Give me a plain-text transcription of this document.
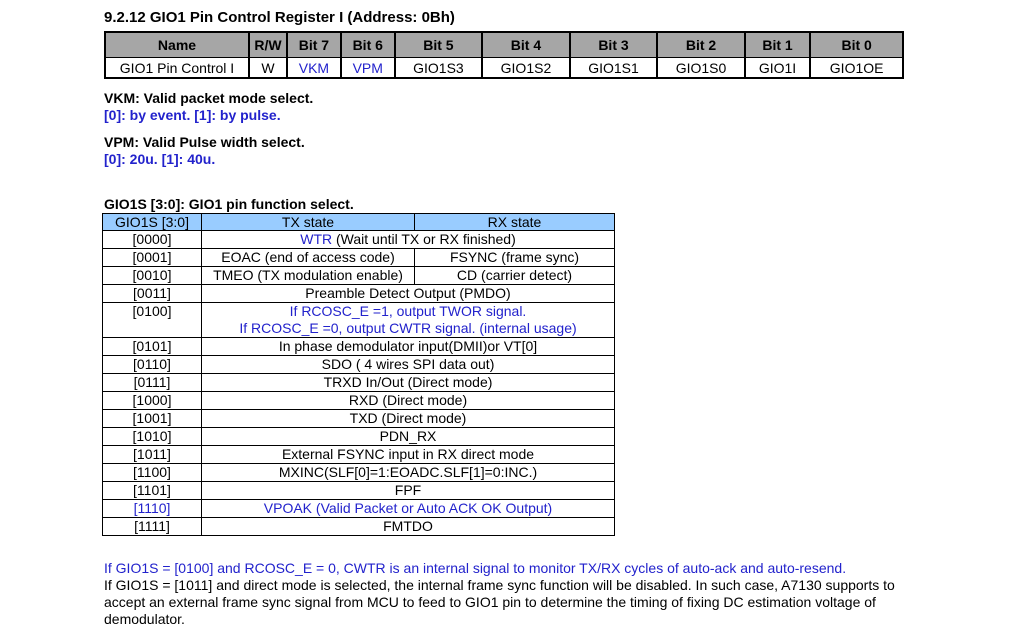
9.2.12 GIO1 Pin Control Register I (Address: 0Bh)
Name	R/W	Bit 7	Bit 6	Bit 5	Bit 4	Bit 3	Bit 2	Bit 1	Bit 0
GIO1 Pin Control I	W	VKM	VPM	GIO1S3	GIO1S2	GIO1S1	GIO1S0	GIO1I	GIO1OE

VKM: Valid packet mode select.
[0]: by event. [1]: by pulse.

VPM: Valid Pulse width select.
[0]: 20u. [1]: 40u.

GIO1S [3:0]: GIO1 pin function select.

GIO1S [3:0]	TX state	RX state
[0000]	WTR (Wait until TX or RX finished)	
[0001]	EOAC (end of access code)	FSYNC (frame sync)
[0010]	TMEO (TX modulation enable)	CD (carrier detect)
[0011]	Preamble Detect Output (PMDO)	
[0100]	If RCOSC_E =1, output TWOR signal.
If RCOSC_E =0, output CWTR signal. (internal usage)	
[0101]	In phase demodulator input(DMII)or VT[0]	
[0110]	SDO ( 4 wires SPI data out)	
[0111]	TRXD In/Out (Direct mode)	
[1000]	RXD (Direct mode)	
[1001]	TXD (Direct mode)	
[1010]	PDN_RX	
[1011]	External FSYNC input in RX direct mode	
[1100]	MXINC(SLF[0]=1:EOADC.SLF[1]=0:INC.)	
[1101]	FPF	
[1110]	VPOAK (Valid Packet or Auto ACK OK Output)	
[1111]	FMTDO	

If GIO1S = [0100] and RCOSC_E = 0, CWTR is an internal signal to monitor TX/RX cycles of auto-ack and auto-resend.

If GIO1S = [1011] and direct mode is selected, the internal frame sync function will be disabled. In such case, A7130 supports to accept an external frame sync signal from MCU to feed to GIO1 pin to determine the timing of fixing DC estimation voltage of demodulator.
